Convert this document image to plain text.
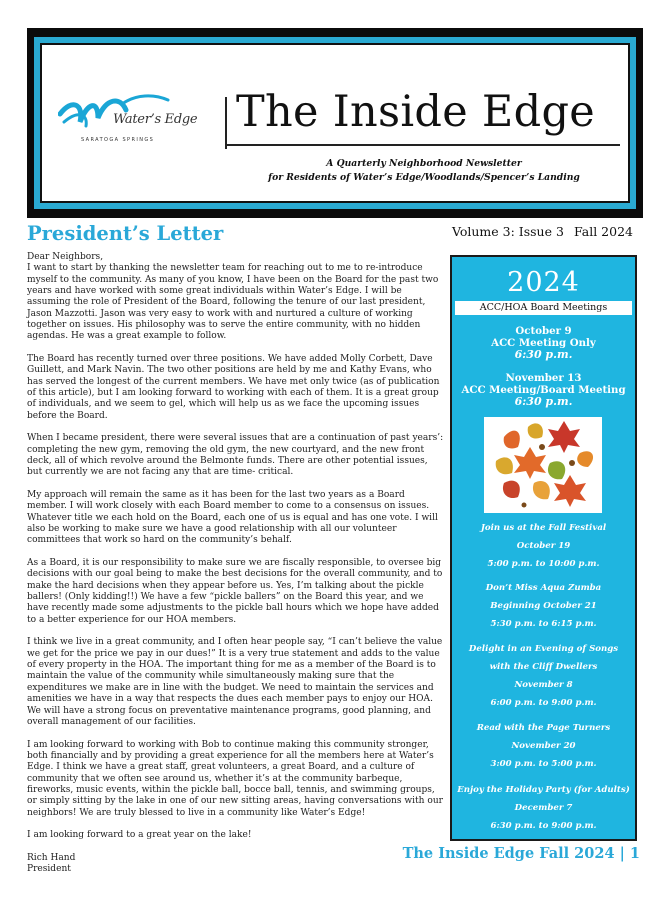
Water’s Edge
SARATOGA SPRINGS
The Inside Edge
A Quarterly Neighborhood Newsletter
for Residents of Water’s Edge/Woodlands/Spencer’s Landing
President’s Letter	Volume 3: Issue 3 Fall 2024

Dear Neighbors,

I want to start by thanking the newsletter team for reaching out to me to re-introduce myself to the community. As many of you know, I have been on the Board for the past two years and have worked with some great individuals within Water’s Edge. I will be assuming the role of President of the Board, following the tenure of our last president, Jason Mazzotti. Jason was very easy to work with and nurtured a culture of working together on issues. His philosophy was to serve the entire community, with no hidden agendas. He was a great example to follow.

The Board has recently turned over three positions. We have added Molly Corbett, Dave Guillett, and Mark Navin. The two other positions are held by me and Kathy Evans, who has served the longest of the current members. We have met only twice (as of publication of this article), but I am looking forward to working with each of them. It is a great group of individuals, and we seem to gel, which will help us as we face the upcoming issues before the Board.

When I became president, there were several issues that are a continuation of past years’: completing the new gym, removing the old gym, the new courtyard, and the new front deck, all of which revolve around the Belmonte funds. There are other potential issues, but currently we are not facing any that are time- critical.

My approach will remain the same as it has been for the last two years as a Board member. I will work closely with each Board member to come to a consensus on issues. Whatever title we each hold on the Board, each one of us is equal and has one vote. I will also be working to make sure we have a good relationship with all our volunteer committees that work so hard on the community’s behalf.

As a Board, it is our responsibility to make sure we are fiscally responsible, to oversee big decisions with our goal being to make the best decisions for the overall community, and to make the hard decisions when they appear before us. Yes, I’m talking about the pickle ballers! (Only kidding!!) We have a few “pickle ballers” on the Board this year, and we have recently made some adjustments to the pickle ball hours which we hope have added to a better experience for our HOA members.

I think we live in a great community, and I often hear people say, “I can’t believe the value we get for the price we pay in our dues!” It is a very true statement and adds to the value of every property in the HOA. The important thing for me as a member of the Board is to maintain the value of the community while simultaneously making sure that the expenditures we make are in line with the budget. We need to maintain the services and amenities we have in a way that respects the dues each member pays to enjoy our HOA. We will have a strong focus on preventative maintenance programs, good planning, and overall management of our facilities.

I am looking forward to working with Bob to continue making this community stronger, both financially and by providing a great experience for all the members here at Water’s Edge. I think we have a great staff, great volunteers, a great Board, and a culture of community that we often see around us, whether it’s at the community barbeque, fireworks, music events, within the pickle ball, bocce ball, tennis, and swimming groups, or simply sitting by the lake in one of our new sitting areas, having conversations with our neighbors! We are truly blessed to live in a community like Water’s Edge!

I am looking forward to a great year on the lake!

Rich Hand

President

2024
ACC/HOA Board Meetings
October 9
ACC Meeting Only
6:30 p.m.
November 13
ACC Meeting/Board Meeting
6:30 p.m.
Join us at the Fall Festival
October 19
5:00 p.m. to 10:00 p.m.
Don’t Miss Aqua Zumba
Beginning October 21
5:30 p.m. to 6:15 p.m.
Delight in an Evening of Songs
with the Cliff Dwellers
November 8
6:00 p.m. to 9:00 p.m.
Read with the Page Turners
November 20
3:00 p.m. to 5:00 p.m.
Enjoy the Holiday Party (for Adults)
December 7
6:30 p.m. to 9:00 p.m.
The Inside Edge Fall 2024 | 1
